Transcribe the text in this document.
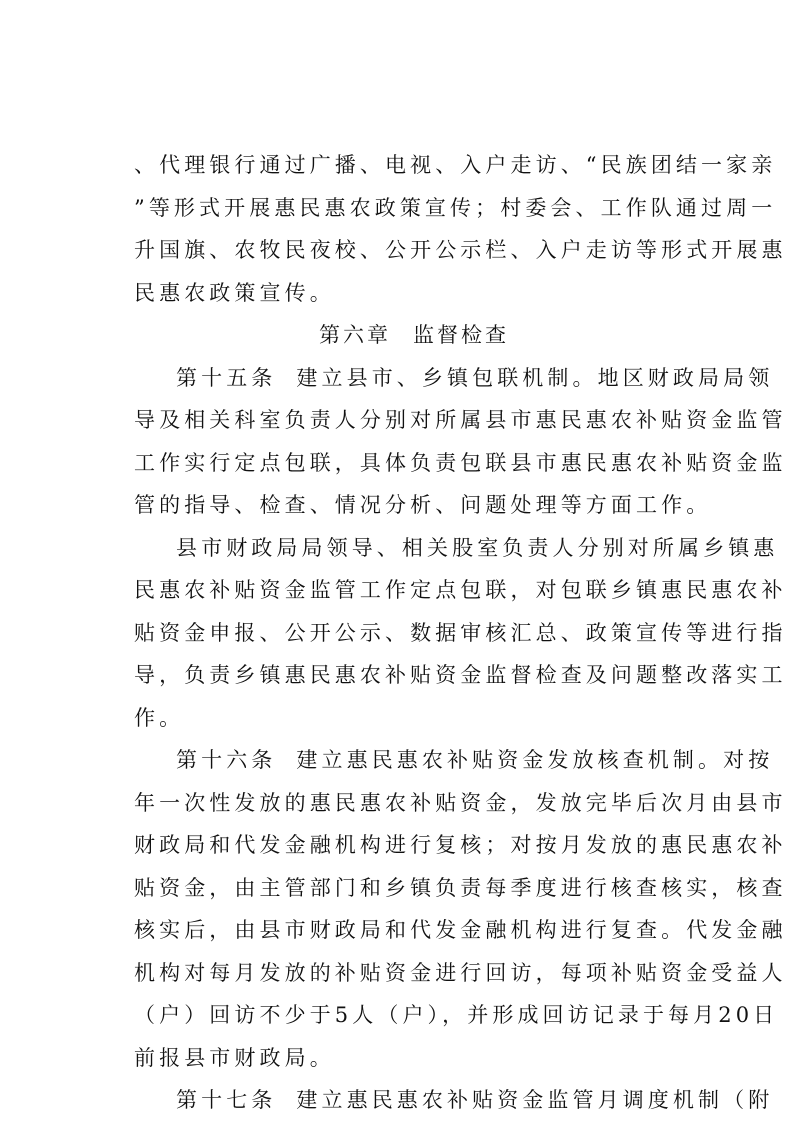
、代理银行通过广播、电视、入户走访、“民族团结一家亲
”等形式开展惠民惠农政策宣传；村委会、工作队通过周一
升国旗、农牧民夜校、公开公示栏、入户走访等形式开展惠
民惠农政策宣传。
第六章 监督检查
第十五条 建立县市、乡镇包联机制。地区财政局局领
导及相关科室负责人分别对所属县市惠民惠农补贴资金监管
工作实行定点包联，具体负责包联县市惠民惠农补贴资金监
管的指导、检查、情况分析、问题处理等方面工作。
县市财政局局领导、相关股室负责人分别对所属乡镇惠
民惠农补贴资金监管工作定点包联，对包联乡镇惠民惠农补
贴资金申报、公开公示、数据审核汇总、政策宣传等进行指
导，负责乡镇惠民惠农补贴资金监督检查及问题整改落实工
作。
第十六条 建立惠民惠农补贴资金发放核查机制。对按
年一次性发放的惠民惠农补贴资金，发放完毕后次月由县市
财政局和代发金融机构进行复核；对按月发放的惠民惠农补
贴资金，由主管部门和乡镇负责每季度进行核查核实，核查
核实后，由县市财政局和代发金融机构进行复查。代发金融
机构对每月发放的补贴资金进行回访，每项补贴资金受益人
（户）回访不少于5人（户），并形成回访记录于每月20日
前报县市财政局。
第十七条 建立惠民惠农补贴资金监管月调度机制（附
